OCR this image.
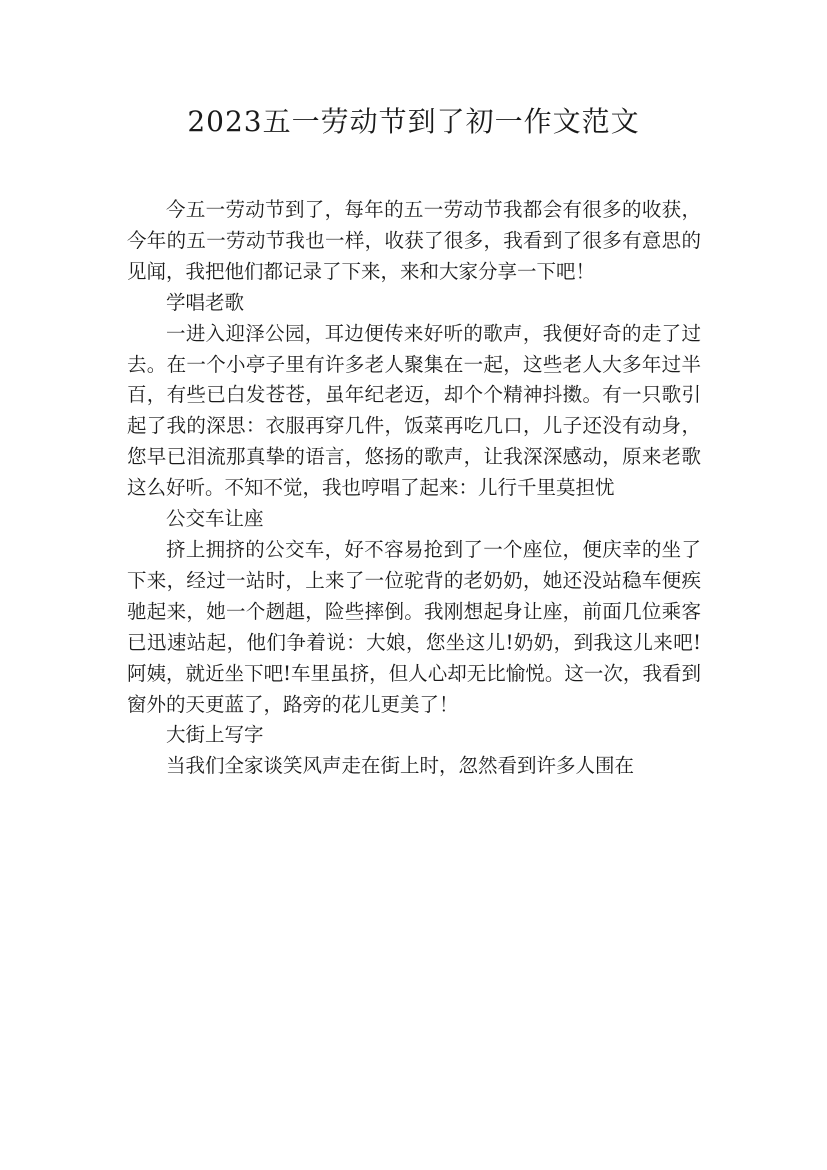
2023五一劳动节到了初一作文范文

今五一劳动节到了，每年的五一劳动节我都会有很多的收获，今年的五一劳动节我也一样，收获了很多，我看到了很多有意思的见闻，我把他们都记录了下来，来和大家分享一下吧！

学唱老歌

一进入迎泽公园，耳边便传来好听的歌声，我便好奇的走了过去。在一个小亭子里有许多老人聚集在一起，这些老人大多年过半百，有些已白发苍苍，虽年纪老迈，却个个精神抖擞。有一只歌引起了我的深思：衣服再穿几件，饭菜再吃几口，儿子还没有动身，您早已泪流那真挚的语言，悠扬的歌声，让我深深感动，原来老歌这么好听。不知不觉，我也哼唱了起来：儿行千里莫担忧

公交车让座

挤上拥挤的公交车，好不容易抢到了一个座位，便庆幸的坐了下来，经过一站时，上来了一位驼背的老奶奶，她还没站稳车便疾驰起来，她一个趔趄，险些摔倒。我刚想起身让座，前面几位乘客已迅速站起，他们争着说：大娘，您坐这儿!奶奶，到我这儿来吧!阿姨，就近坐下吧!车里虽挤，但人心却无比愉悦。这一次，我看到窗外的天更蓝了，路旁的花儿更美了！

大街上写字

当我们全家谈笑风声走在街上时，忽然看到许多人围在
